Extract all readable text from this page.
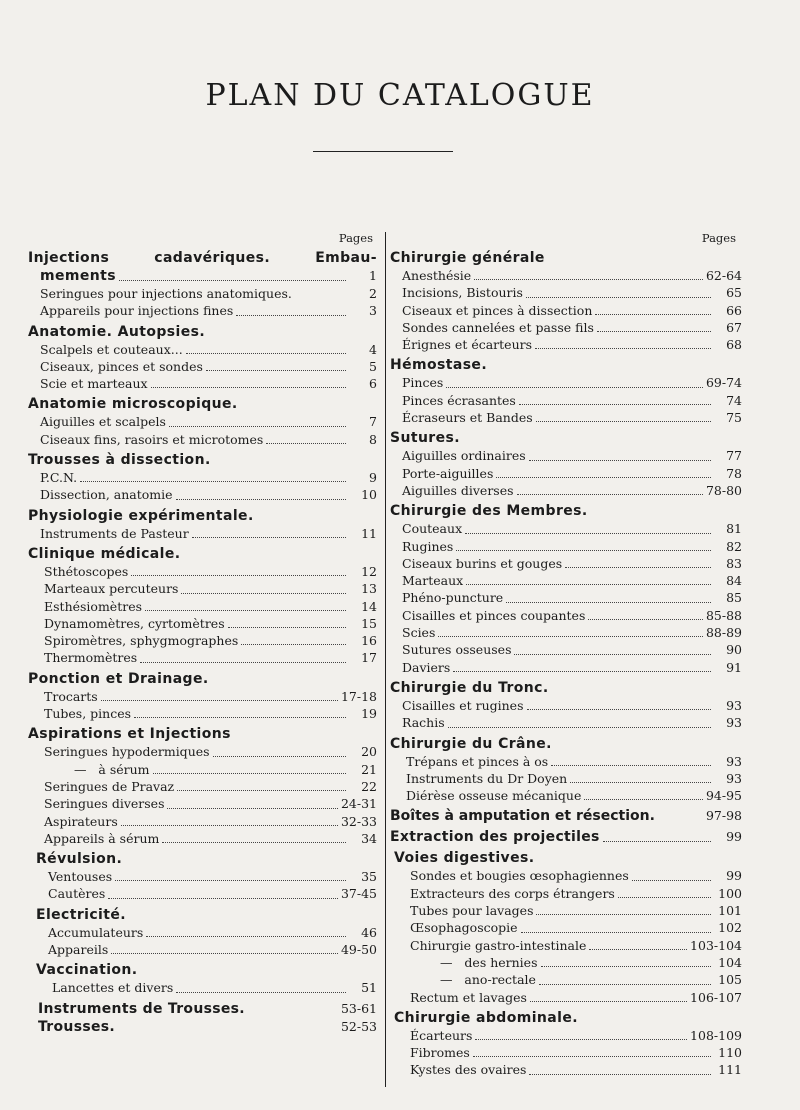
PLAN DU CATALOGUE
Pages
Injections	cadavériques.	Embau-
mements	1
Seringues pour injections anatomiques.	2
Appareils pour injections fines	3
Anatomie. Autopsies.
Scalpels et couteaux...	4
Ciseaux, pinces et sondes	5
Scie et marteaux	6
Anatomie microscopique.
Aiguilles et scalpels	7
Ciseaux fins, rasoirs et microtomes	8
Trousses à dissection.
P.C.N.	9
Dissection, anatomie	10
Physiologie expérimentale.
Instruments de Pasteur	11
Clinique médicale.
Sthétoscopes	12
Marteaux percuteurs	13
Esthésiomètres	14
Dynamomètres, cyrtomètres	15
Spiromètres, sphygmographes	16
Thermomètres	17
Ponction et Drainage.
Trocarts	17-18
Tubes, pinces	19
Aspirations et Injections
Seringues hypodermiques	20
—   à sérum	21
Seringues de Pravaz	22
Seringues diverses	24-31
Aspirateurs	32-33
Appareils à sérum	34
Révulsion.
Ventouses	35
Cautères	37-45
Electricité.
Accumulateurs	46
Appareils	49-50
Vaccination.
Lancettes et divers	51
Instruments de Trousses.	53-61
Trousses.	52-53
Pages
Chirurgie générale
Anesthésie	62-64
Incisions, Bistouris	65
Ciseaux et pinces à dissection	66
Sondes cannelées et passe fils	67
Érignes et écarteurs	68
Hémostase.
Pinces	69-74
Pinces écrasantes	74
Écraseurs et Bandes	75
Sutures.
Aiguilles ordinaires	77
Porte-aiguilles	78
Aiguilles diverses	78-80
Chirurgie des Membres.
Couteaux	81
Rugines	82
Ciseaux burins et gouges	83
Marteaux	84
Phéno-puncture	85
Cisailles et pinces coupantes	85-88
Scies	88-89
Sutures osseuses	90
Daviers	91
Chirurgie du Tronc.
Cisailles et rugines	93
Rachis	93
Chirurgie du Crâne.
Trépans et pinces à os	93
Instruments du Dr Doyen	93
Diérèse osseuse mécanique	94-95
Boîtes à amputation et résection.	97-98
Extraction des projectiles	99
Voies digestives.
Sondes et bougies œsophagiennes	99
Extracteurs des corps étrangers	100
Tubes pour lavages	101
Œsophagoscopie	102
Chirurgie gastro-intestinale	103-104
—   des hernies	104
—   ano-rectale	105
Rectum et lavages	106-107
Chirurgie abdominale.
Écarteurs	108-109
Fibromes	110
Kystes des ovaires	111
